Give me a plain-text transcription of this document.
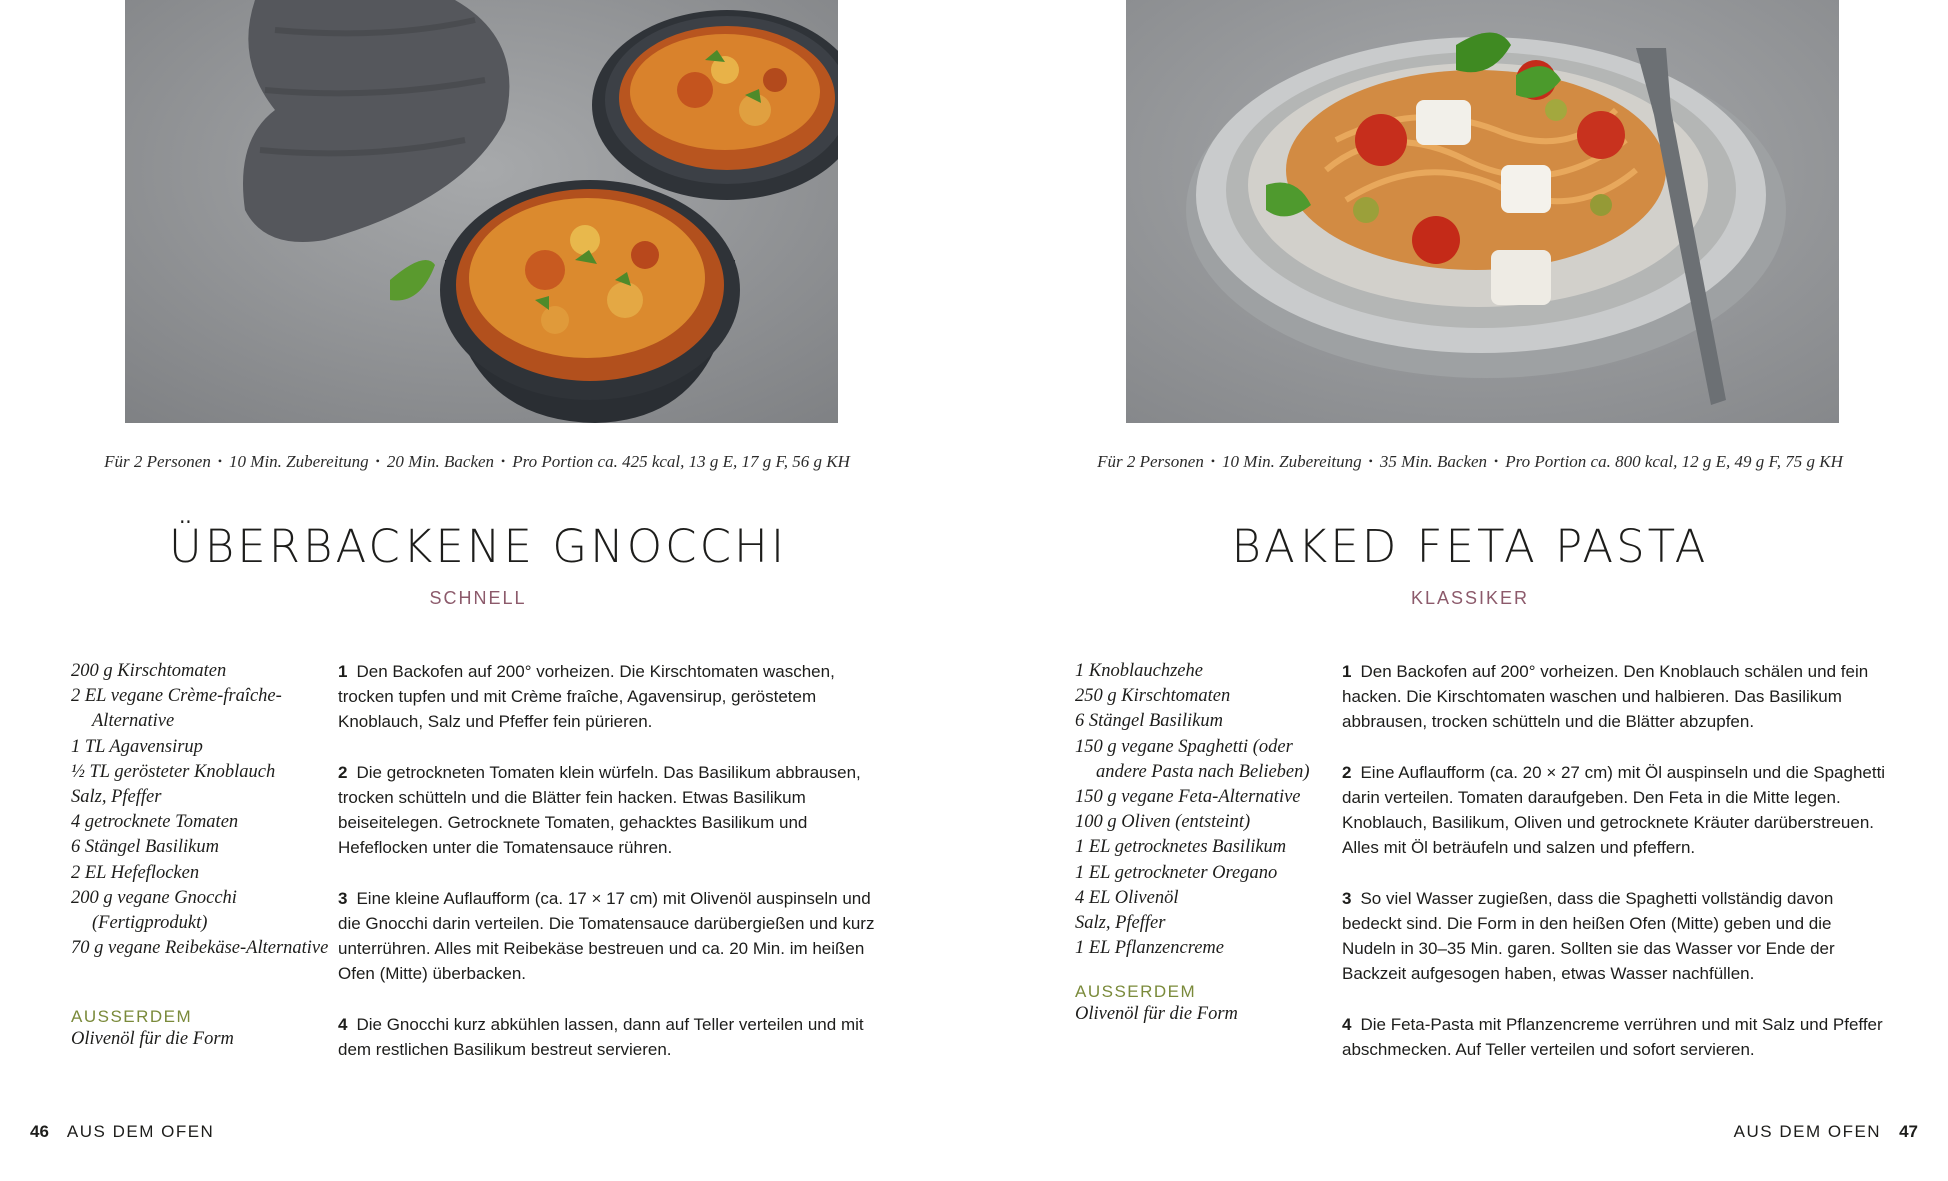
Für 2 Personen • 10 Min. Zubereitung • 20 Min. Backen • Pro Portion ca. 425 kcal, 13 g E, 17 g F, 56 g KH
ÜBERBACKENE GNOCCHI
SCHNELL
200 g Kirschtomaten
2 EL vegane Crème-fraîche-Alternative
1 TL Agavensirup
½ TL gerösteter Knoblauch
Salz, Pfeffer
4 getrocknete Tomaten
6 Stängel Basilikum
2 EL Hefeflocken
200 g vegane Gnocchi (Fertigprodukt)
70 g vegane Reibekäse-Alternative
AUSSERDEM
Olivenöl für die Form
1 Den Backofen auf 200° vorheizen. Die Kirschtomaten waschen, trocken tupfen und mit Crème fraîche, Agavensirup, geröstetem Knoblauch, Salz und Pfeffer fein pürieren.
2 Die getrockneten Tomaten klein würfeln. Das Basilikum abbrausen, trocken schütteln und die Blätter fein hacken. Etwas Basilikum beiseitelegen. Getrocknete Tomaten, gehacktes Basilikum und Hefeflocken unter die Tomatensauce rühren.
3 Eine kleine Auflaufform (ca. 17 × 17 cm) mit Olivenöl auspinseln und die Gnocchi darin verteilen. Die Tomatensauce darübergießen und kurz unterrühren. Alles mit Reibekäse bestreuen und ca. 20 Min. im heißen Ofen (Mitte) überbacken.
4 Die Gnocchi kurz abkühlen lassen, dann auf Teller verteilen und mit dem restlichen Basilikum bestreut servieren.
46 AUS DEM OFEN
Für 2 Personen • 10 Min. Zubereitung • 35 Min. Backen • Pro Portion ca. 800 kcal, 12 g E, 49 g F, 75 g KH
BAKED FETA PASTA
KLASSIKER
1 Knoblauchzehe
250 g Kirschtomaten
6 Stängel Basilikum
150 g vegane Spaghetti (oder andere Pasta nach Belieben)
150 g vegane Feta-Alternative
100 g Oliven (entsteint)
1 EL getrocknetes Basilikum
1 EL getrockneter Oregano
4 EL Olivenöl
Salz, Pfeffer
1 EL Pflanzencreme
AUSSERDEM
Olivenöl für die Form
1 Den Backofen auf 200° vorheizen. Den Knoblauch schälen und fein hacken. Die Kirschtomaten waschen und halbieren. Das Basilikum abbrausen, trocken schütteln und die Blätter abzupfen.
2 Eine Auflaufform (ca. 20 × 27 cm) mit Öl auspinseln und die Spaghetti darin verteilen. Tomaten daraufgeben. Den Feta in die Mitte legen. Knoblauch, Basilikum, Oliven und getrocknete Kräuter darüberstreuen. Alles mit Öl beträufeln und salzen und pfeffern.
3 So viel Wasser zugießen, dass die Spaghetti vollständig davon bedeckt sind. Die Form in den heißen Ofen (Mitte) geben und die Nudeln in 30–35 Min. garen. Sollten sie das Wasser vor Ende der Backzeit aufgesogen haben, etwas Wasser nachfüllen.
4 Die Feta-Pasta mit Pflanzencreme verrühren und mit Salz und Pfeffer abschmecken. Auf Teller verteilen und sofort servieren.
AUS DEM OFEN 47
